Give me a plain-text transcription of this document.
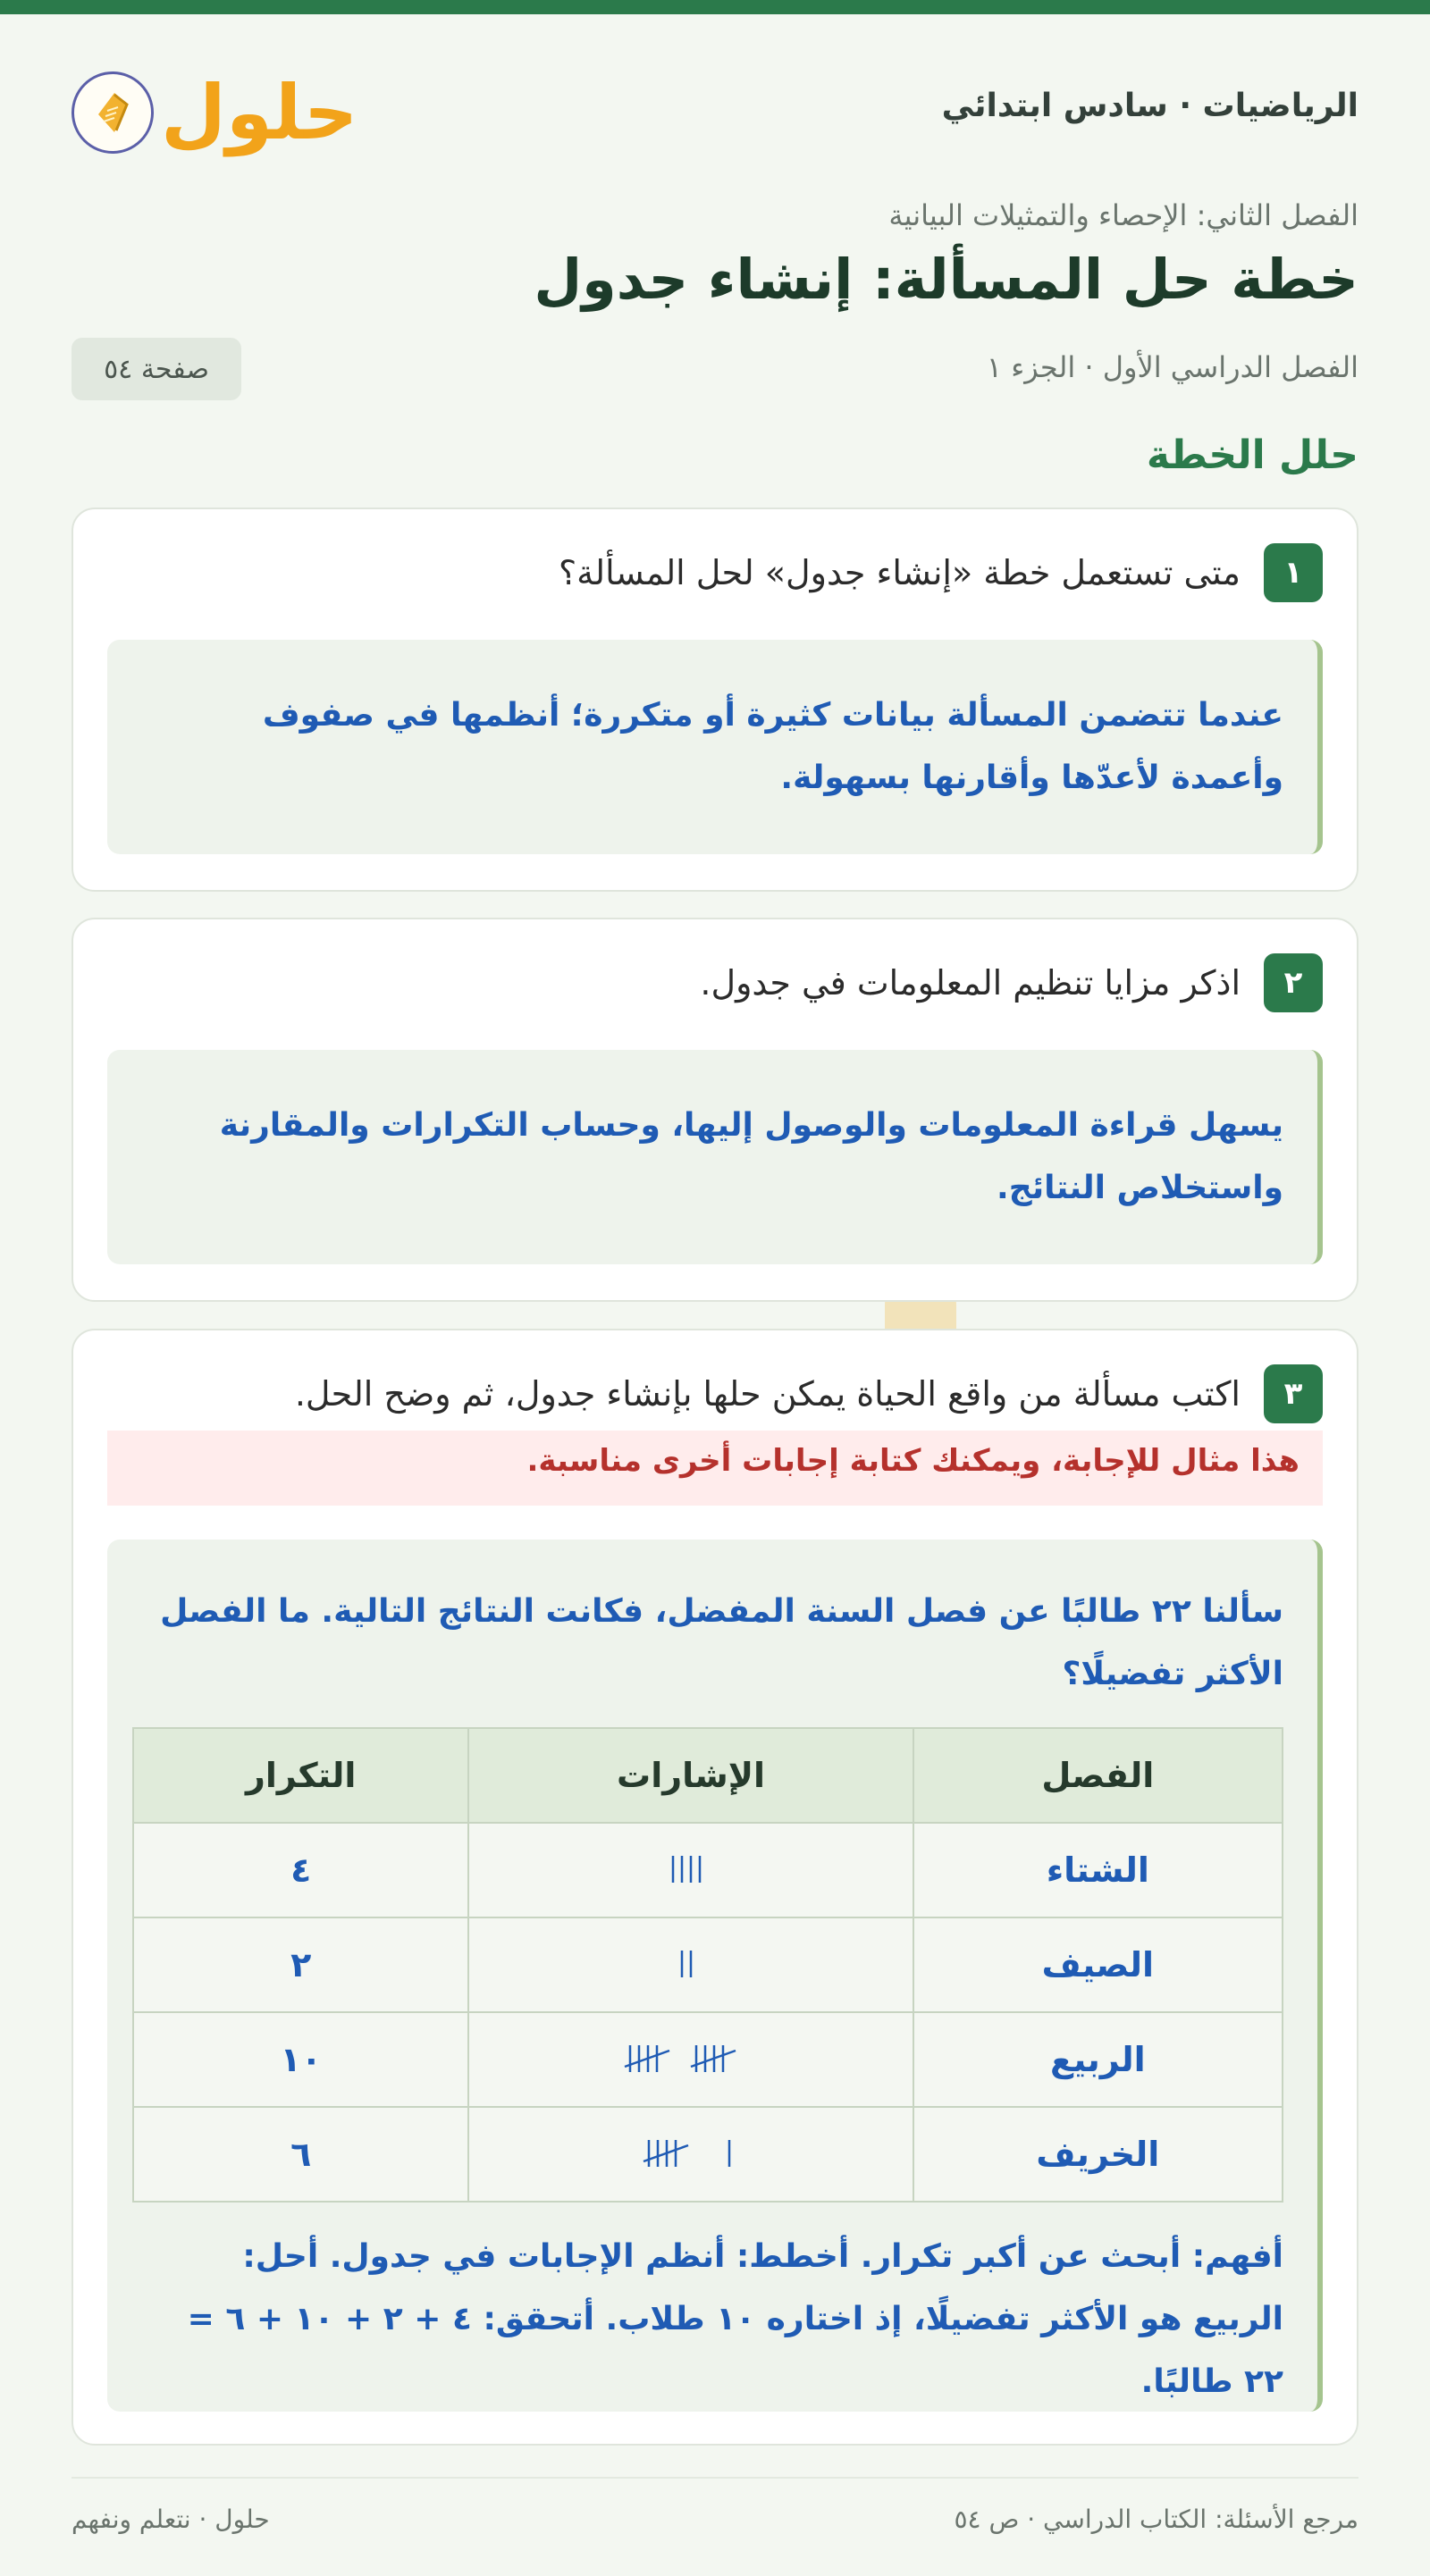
حلول	الرياضيات · سادس ابتدائي
الفصل الثاني: الإحصاء والتمثيلات البيانية
خطة حل المسألة: إنشاء جدول
الفصل الدراسي الأول · الجزء ١
صفحة ٥٤
حلل الخطة
١
متى تستعمل خطة «إنشاء جدول» لحل المسألة؟
عندما تتضمن المسألة بيانات كثيرة أو متكررة؛ أنظمها في صفوف وأعمدة لأعدّها وأقارنها بسهولة.
٢
اذكر مزايا تنظيم المعلومات في جدول.
يسهل قراءة المعلومات والوصول إليها، وحساب التكرارات والمقارنة واستخلاص النتائج.
٣
اكتب مسألة من واقع الحياة يمكن حلها بإنشاء جدول، ثم وضح الحل.
هذا مثال للإجابة، ويمكنك كتابة إجابات أخرى مناسبة.
سألنا ٢٢ طالبًا عن فصل السنة المفضل، فكانت النتائج التالية. ما الفصل الأكثر تفضيلًا؟
الفصل	الإشارات	التكرار
الشتاء		٤
الصيف		٢
الربيع		١٠
الخريف		٦
أفهم: أبحث عن أكبر تكرار. أخطط: أنظم الإجابات في جدول. أحل: الربيع هو الأكثر تفضيلًا، إذ اختاره ١٠ طلاب. أتحقق: ٤ + ٢ + ١٠ + ٦ = ٢٢ طالبًا.
مرجع الأسئلة: الكتاب الدراسي · ص ٥٤
حلول · نتعلم ونفهم
